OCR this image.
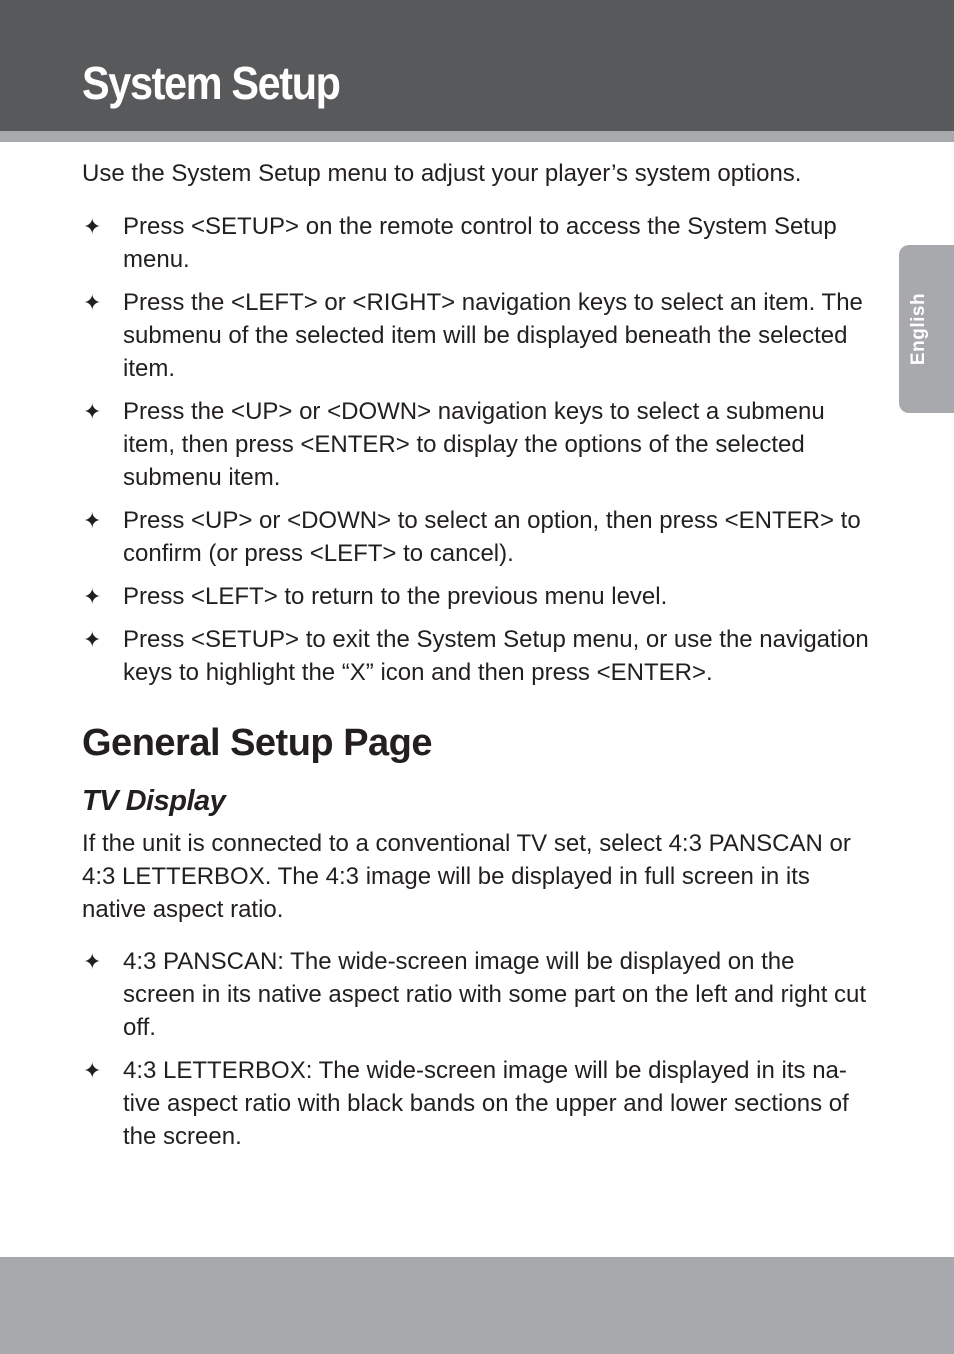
System Setup
English

Use the System Setup menu to adjust your player’s system options.

✦ Press <SETUP> on the remote control to access the System Setup menu.
✦ Press the <LEFT> or <RIGHT> navigation keys to select an item. The submenu of the selected item will be displayed beneath the selected item.
✦ Press the <UP> or <DOWN> navigation keys to select a submenu item, then press <ENTER> to display the options of the selected submenu item.
✦ Press <UP> or <DOWN> to select an option, then press <ENTER> to confirm (or press <LEFT> to cancel).
✦ Press <LEFT> to return to the previous menu level.
✦ Press <SETUP> to exit the System Setup menu, or use the navigation keys to highlight the “X” icon and then press <ENTER>.
General Setup Page
TV Display

If the unit is connected to a conventional TV set, select 4:3 PANSCAN or 4:3 LETTERBOX. The 4:3 image will be displayed in full screen in its native aspect ratio.

✦ 4:3 PANSCAN: The wide-screen image will be displayed on the screen in its native aspect ratio with some part on the left and right cut off.
✦ 4:3 LETTERBOX: The wide-screen image will be displayed in its native aspect ratio with black bands on the upper and lower sections of the screen.
